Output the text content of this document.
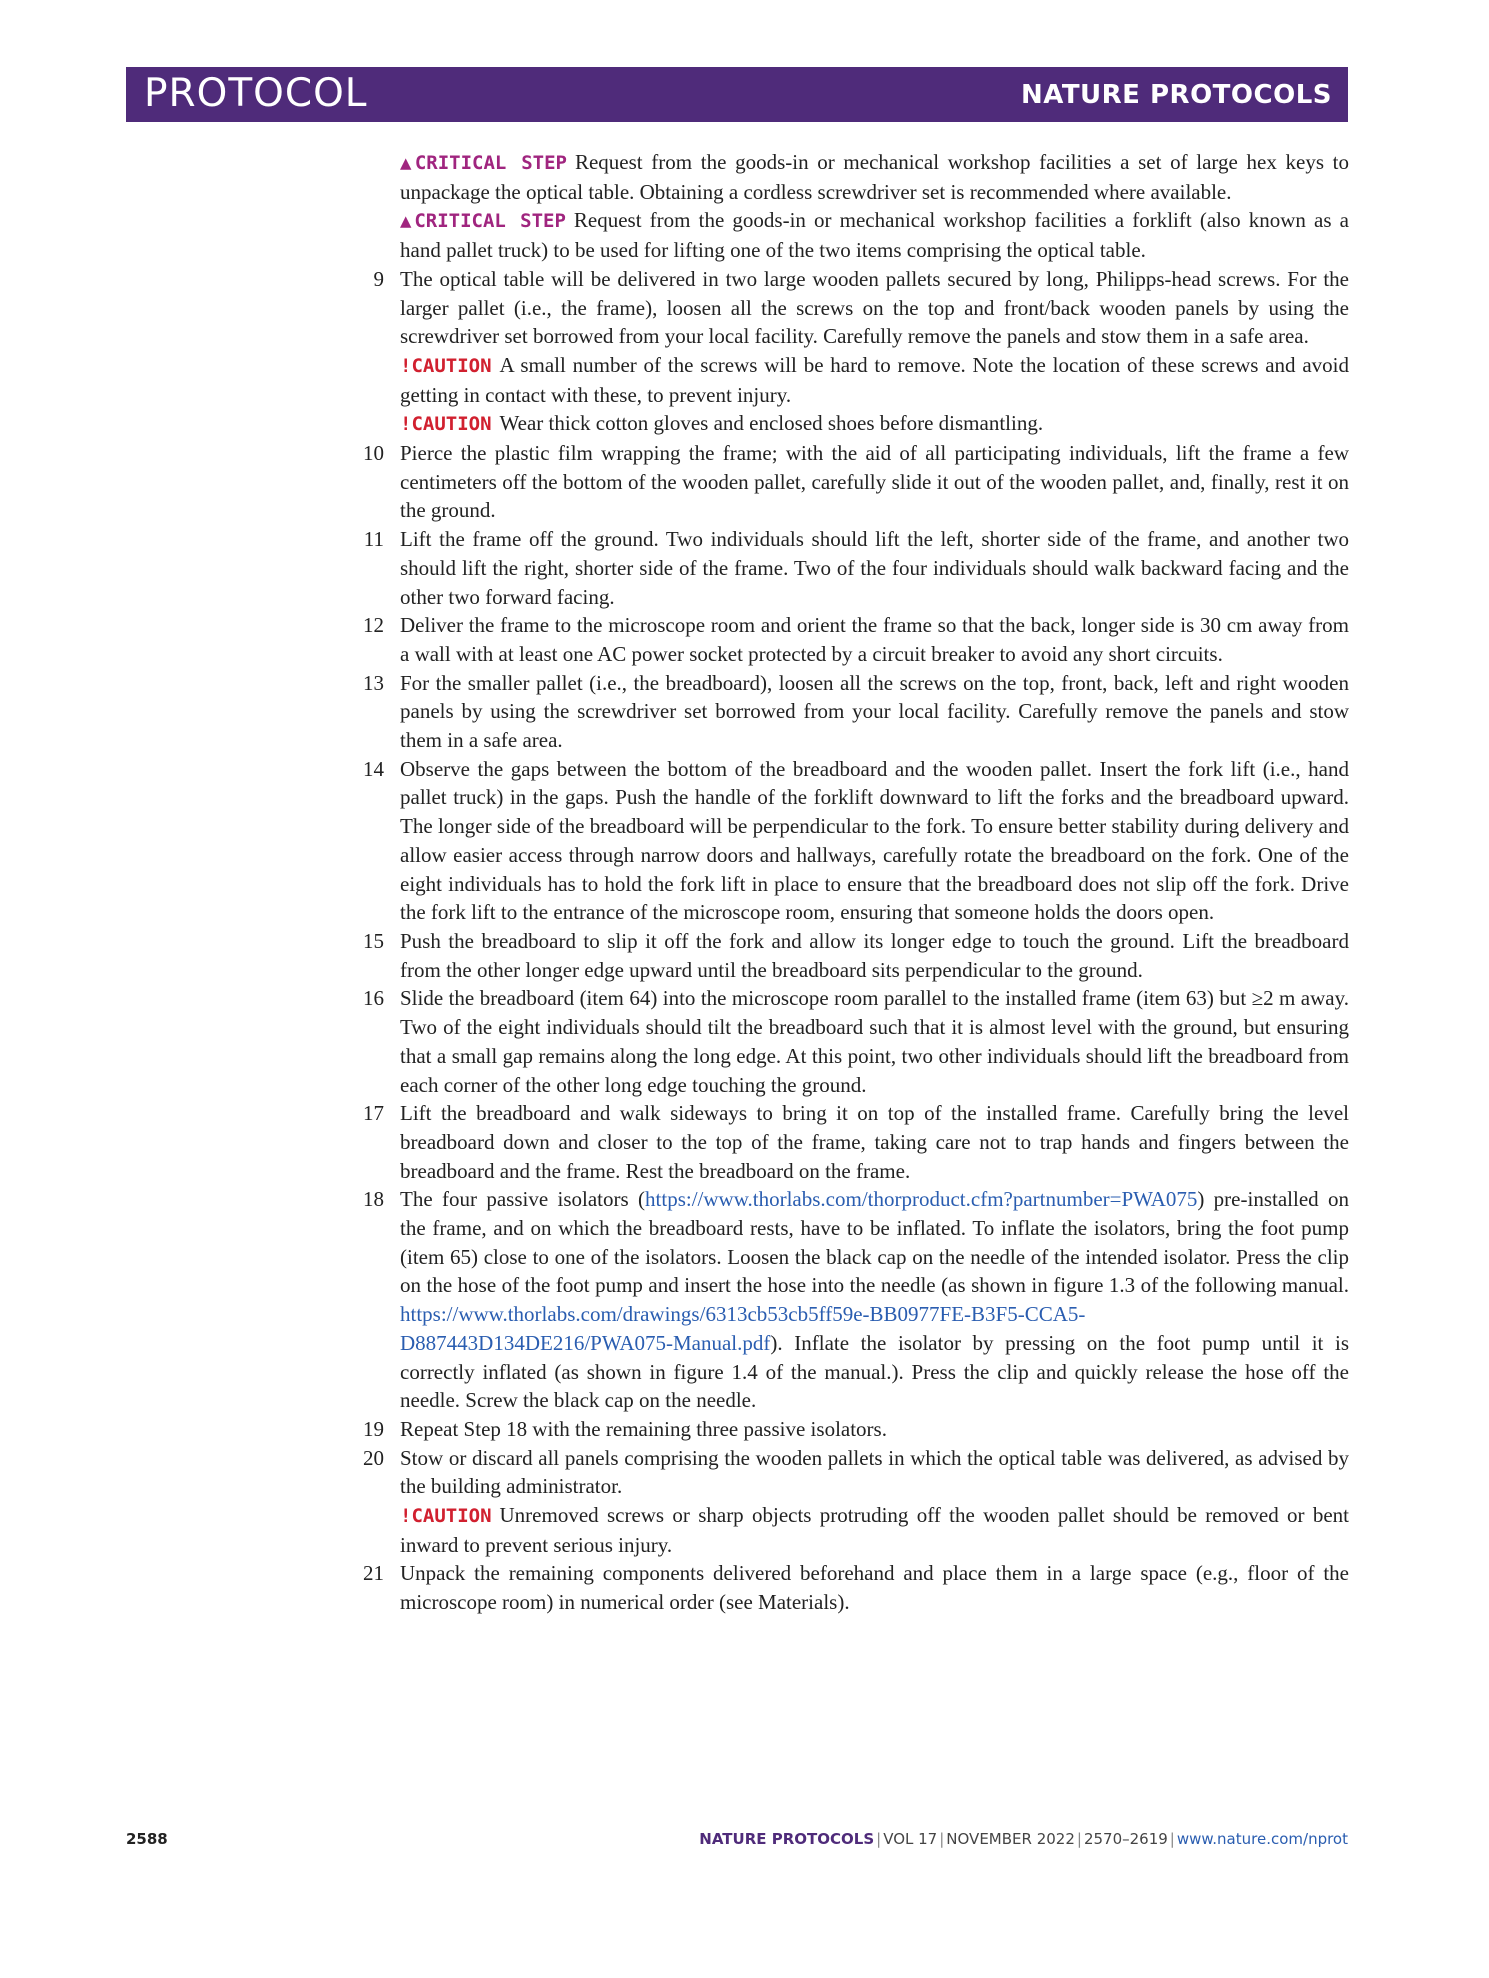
PROTOCOL	NATURE PROTOCOLS

▲CRITICAL STEP Request from the goods-in or mechanical workshop facilities a set of large hex keys to unpackage the optical table. Obtaining a cordless screwdriver set is recommended where available.

▲CRITICAL STEP Request from the goods-in or mechanical workshop facilities a forklift (also known as a hand pallet truck) to be used for lifting one of the two items comprising the optical table.

9 The optical table will be delivered in two large wooden pallets secured by long, Philipps-head screws. For the larger pallet (i.e., the frame), loosen all the screws on the top and front/back wooden panels by using the screwdriver set borrowed from your local facility. Carefully remove the panels and stow them in a safe area.

!CAUTION A small number of the screws will be hard to remove. Note the location of these screws and avoid getting in contact with these, to prevent injury.

!CAUTION Wear thick cotton gloves and enclosed shoes before dismantling.

10 Pierce the plastic film wrapping the frame; with the aid of all participating individuals, lift the frame a few centimeters off the bottom of the wooden pallet, carefully slide it out of the wooden pallet, and, finally, rest it on the ground.

11 Lift the frame off the ground. Two individuals should lift the left, shorter side of the frame, and another two should lift the right, shorter side of the frame. Two of the four individuals should walk backward facing and the other two forward facing.

12 Deliver the frame to the microscope room and orient the frame so that the back, longer side is 30 cm away from a wall with at least one AC power socket protected by a circuit breaker to avoid any short circuits.

13 For the smaller pallet (i.e., the breadboard), loosen all the screws on the top, front, back, left and right wooden panels by using the screwdriver set borrowed from your local facility. Carefully remove the panels and stow them in a safe area.

14 Observe the gaps between the bottom of the breadboard and the wooden pallet. Insert the fork lift (i.e., hand pallet truck) in the gaps. Push the handle of the forklift downward to lift the forks and the breadboard upward. The longer side of the breadboard will be perpendicular to the fork. To ensure better stability during delivery and allow easier access through narrow doors and hallways, carefully rotate the breadboard on the fork. One of the eight individuals has to hold the fork lift in place to ensure that the breadboard does not slip off the fork. Drive the fork lift to the entrance of the microscope room, ensuring that someone holds the doors open.

15 Push the breadboard to slip it off the fork and allow its longer edge to touch the ground. Lift the breadboard from the other longer edge upward until the breadboard sits perpendicular to the ground.

16 Slide the breadboard (item 64) into the microscope room parallel to the installed frame (item 63) but ≥2 m away. Two of the eight individuals should tilt the breadboard such that it is almost level with the ground, but ensuring that a small gap remains along the long edge. At this point, two other individuals should lift the breadboard from each corner of the other long edge touching the ground.

17 Lift the breadboard and walk sideways to bring it on top of the installed frame. Carefully bring the level breadboard down and closer to the top of the frame, taking care not to trap hands and fingers between the breadboard and the frame. Rest the breadboard on the frame.

18 The four passive isolators (https://www.thorlabs.com/thorproduct.cfm?partnumber=PWA075) pre-installed on the frame, and on which the breadboard rests, have to be inflated. To inflate the isolators, bring the foot pump (item 65) close to one of the isolators. Loosen the black cap on the needle of the intended isolator. Press the clip on the hose of the foot pump and insert the hose into the needle (as shown in figure 1.3 of the following manual. https://www.thorlabs.com/drawings/6313cb53cb5ff59e-BB0977FE-B3F5-CCA5-D887443D134DE216/PWA075-Manual.pdf). Inflate the isolator by pressing on the foot pump until it is correctly inflated (as shown in figure 1.4 of the manual.). Press the clip and quickly release the hose off the needle. Screw the black cap on the needle.

19 Repeat Step 18 with the remaining three passive isolators.

20 Stow or discard all panels comprising the wooden pallets in which the optical table was delivered, as advised by the building administrator.

!CAUTION Unremoved screws or sharp objects protruding off the wooden pallet should be removed or bent inward to prevent serious injury.

21 Unpack the remaining components delivered beforehand and place them in a large space (e.g., floor of the microscope room) in numerical order (see Materials).

2588	NATURE PROTOCOLS | VOL 17 | NOVEMBER 2022 | 2570–2619 | www.nature.com/nprot
